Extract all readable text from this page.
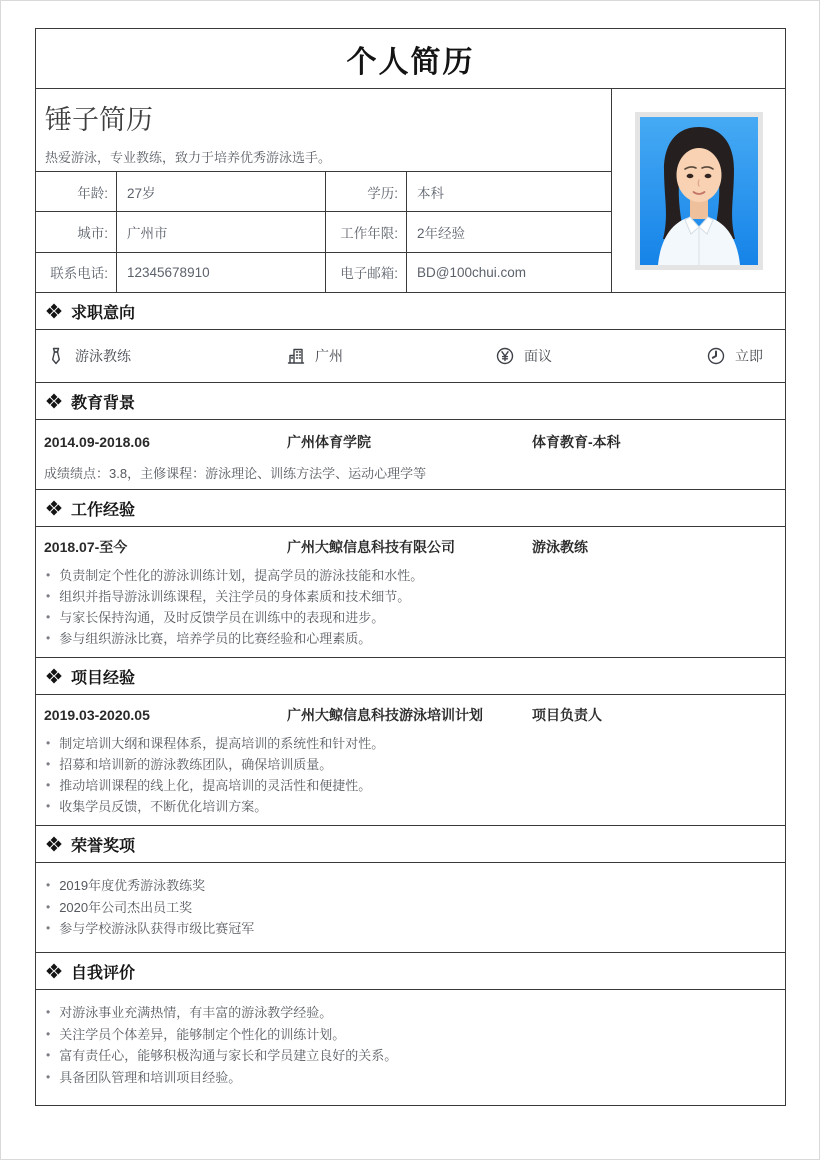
个人简历
锤子简历
热爱游泳，专业教练，致力于培养优秀游泳选手。
年龄:	27岁	学历:	本科
城市:	广州市	工作年限:	2年经验
联系电话:	12345678910	电子邮箱:	BD@100chui.com
求职意向
游泳教练	广州	面议	立即
教育背景
2014.09-2018.06	广州体育学院	体育教育-本科
成绩绩点：3.8，主修课程：游泳理论、训练方法学、运动心理学等
工作经验
2018.07-至今	广州大鲸信息科技有限公司	游泳教练
• 负责制定个性化的游泳训练计划，提高学员的游泳技能和水性。
• 组织并指导游泳训练课程，关注学员的身体素质和技术细节。
• 与家长保持沟通，及时反馈学员在训练中的表现和进步。
• 参与组织游泳比赛，培养学员的比赛经验和心理素质。
项目经验
2019.03-2020.05	广州大鲸信息科技游泳培训计划	项目负责人
• 制定培训大纲和课程体系，提高培训的系统性和针对性。
• 招募和培训新的游泳教练团队，确保培训质量。
• 推动培训课程的线上化，提高培训的灵活性和便捷性。
• 收集学员反馈，不断优化培训方案。
荣誉奖项
• 2019年度优秀游泳教练奖
• 2020年公司杰出员工奖
• 参与学校游泳队获得市级比赛冠军
自我评价
• 对游泳事业充满热情，有丰富的游泳教学经验。
• 关注学员个体差异，能够制定个性化的训练计划。
• 富有责任心，能够积极沟通与家长和学员建立良好的关系。
• 具备团队管理和培训项目经验。
